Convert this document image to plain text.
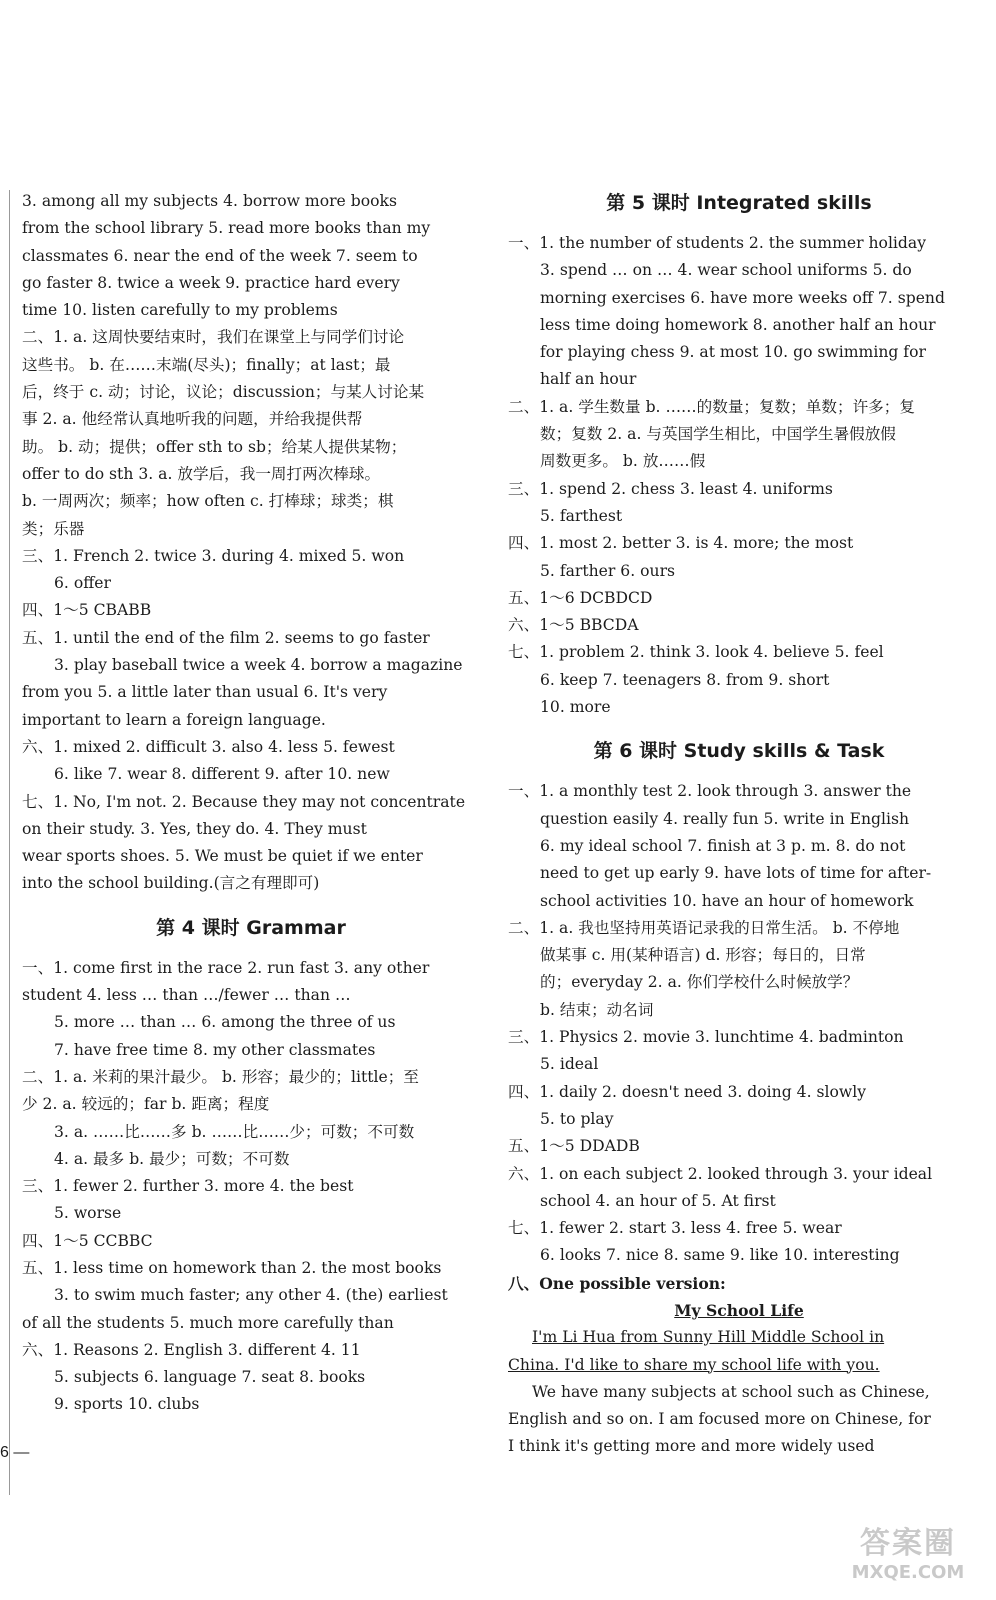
3. among all my subjects 4. borrow more books
from the school library 5. read more books than my
classmates 6. near the end of the week 7. seem to
go faster 8. twice a week 9. practice hard every
time 10. listen carefully to my problems
二、1. a. 这周快要结束时，我们在课堂上与同学们讨论
这些书。 b. 在……末端(尽头)；finally；at last；最
后，终于 c. 动；讨论，议论；discussion；与某人讨论某
事 2. a. 他经常认真地听我的问题，并给我提供帮
助。 b. 动；提供；offer sth to sb；给某人提供某物；
offer to do sth 3. a. 放学后，我一周打两次棒球。
b. 一周两次；频率；how often c. 打棒球；球类；棋
类；乐器
三、1. French 2. twice 3. during 4. mixed 5. won
6. offer
四、1～5 CBABB
五、1. until the end of the film 2. seems to go faster
3. play baseball twice a week 4. borrow a magazine
from you 5. a little later than usual 6. It's very
important to learn a foreign language.
六、1. mixed 2. difficult 3. also 4. less 5. fewest
6. like 7. wear 8. different 9. after 10. new
七、1. No, I'm not. 2. Because they may not concentrate
on their study. 3. Yes, they do. 4. They must
wear sports shoes. 5. We must be quiet if we enter
into the school building.(言之有理即可)
第 4 课时 Grammar
一、1. come first in the race 2. run fast 3. any other
student 4. less … than …/fewer … than …
5. more … than … 6. among the three of us
7. have free time 8. my other classmates
二、1. a. 米莉的果汁最少。 b. 形容；最少的；little；至
少 2. a. 较远的；far b. 距离；程度
3. a. ……比……多 b. ……比……少；可数；不可数
4. a. 最多 b. 最少；可数；不可数
三、1. fewer 2. further 3. more 4. the best
5. worse
四、1～5 CCBBC
五、1. less time on homework than 2. the most books
3. to swim much faster; any other 4. (the) earliest
of all the students 5. much more carefully than
六、1. Reasons 2. English 3. different 4. 11
5. subjects 6. language 7. seat 8. books
9. sports 10. clubs
第 5 课时 Integrated skills
一、1. the number of students 2. the summer holiday
3. spend … on … 4. wear school uniforms 5. do
morning exercises 6. have more weeks off 7. spend
less time doing homework 8. another half an hour
for playing chess 9. at most 10. go swimming for
half an hour
二、1. a. 学生数量 b. ……的数量；复数；单数；许多；复
数；复数 2. a. 与英国学生相比，中国学生暑假放假
周数更多。 b. 放……假
三、1. spend 2. chess 3. least 4. uniforms
5. farthest
四、1. most 2. better 3. is 4. more; the most
5. farther 6. ours
五、1～6 DCBDCD
六、1～5 BBCDA
七、1. problem 2. think 3. look 4. believe 5. feel
6. keep 7. teenagers 8. from 9. short
10. more
第 6 课时 Study skills & Task
一、1. a monthly test 2. look through 3. answer the
question easily 4. really fun 5. write in English
6. my ideal school 7. finish at 3 p. m. 8. do not
need to get up early 9. have lots of time for after-
school activities 10. have an hour of homework
二、1. a. 我也坚持用英语记录我的日常生活。 b. 不停地
做某事 c. 用(某种语言) d. 形容；每日的，日常
的；everyday 2. a. 你们学校什么时候放学？
b. 结束；动名词
三、1. Physics 2. movie 3. lunchtime 4. badminton
5. ideal
四、1. daily 2. doesn't need 3. doing 4. slowly
5. to play
五、1～5 DDADB
六、1. on each subject 2. looked through 3. your ideal
school 4. an hour of 5. At first
七、1. fewer 2. start 3. less 4. free 5. wear
6. looks 7. nice 8. same 9. like 10. interesting
八、One possible version:
My School Life
I'm Li Hua from Sunny Hill Middle School in
China. I'd like to share my school life with you.
We have many subjects at school such as Chinese,
English and so on. I am focused more on Chinese, for
I think it's getting more and more widely used
6 —
答案圈
MXQE.COM
